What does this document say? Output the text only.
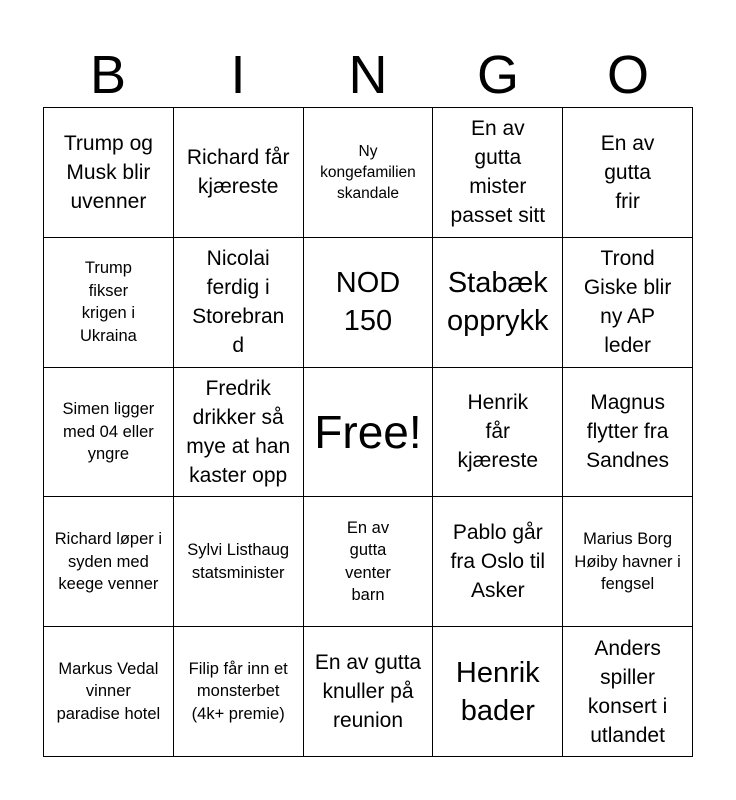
B	I	N	G	O
Trump og Musk blir uvenner
Richard får kjæreste
Ny kongefamilien skandale
En av gutta mister passet sitt
En av gutta frir
Trump fikser krigen i Ukraina
Nicolai ferdig i Storebrand
NOD 150
Stabæk opprykk
Trond Giske blir ny AP leder
Simen ligger med 04 eller yngre
Fredrik drikker så mye at han kaster opp
Free!
Henrik får kjæreste
Magnus flytter fra Sandnes
Richard løper i syden med keege venner
Sylvi Listhaug statsminister
En av gutta venter barn
Pablo går fra Oslo til Asker
Marius Borg Høiby havner i fengsel
Markus Vedal vinner paradise hotel
Filip får inn et monsterbet (4k+ premie)
En av gutta knuller på reunion
Henrik bader
Anders spiller konsert i utlandet
